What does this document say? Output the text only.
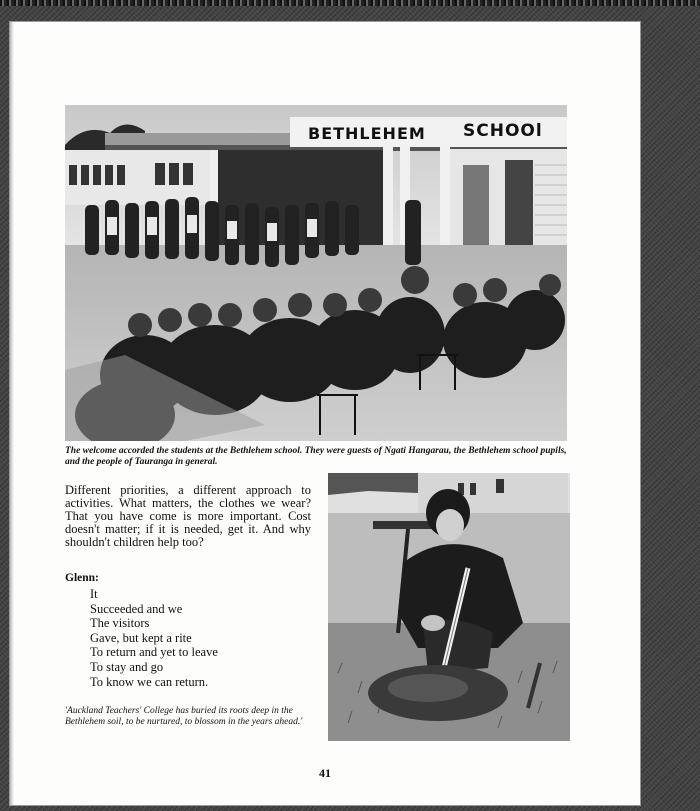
BETHLEHEM SCHOOl
The welcome accorded the students at the Bethlehem school. They were guests of Ngati Hangarau, the Bethlehem school pupils, and the people of Tauranga in general.
Different priorities, a different approach to activities. What matters, the clothes we wear? That you have come is more important. Cost doesn't matter; if it is needed, get it. And why shouldn't children help too?
Glenn:
It
Succeeded and we
The visitors
Gave, but kept a rite
To return and yet to leave
To stay and go
To know we can return.
'Auckland Teachers' College has buried its roots deep in the Bethlehem soil, to be nurtured, to blossom in the years ahead.'
41
